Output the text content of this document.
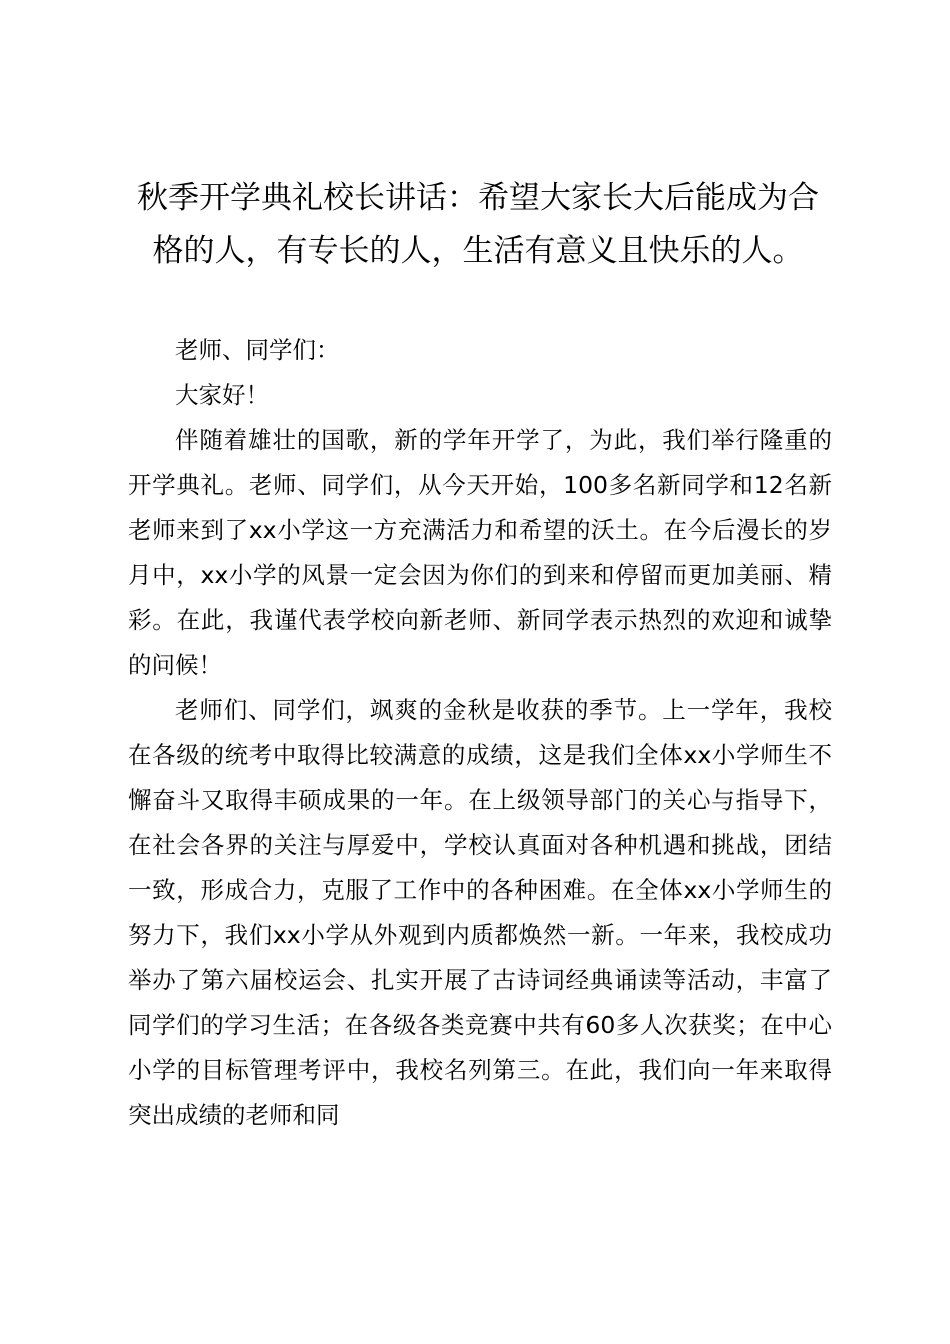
秋季开学典礼校长讲话：希望大家长大后能成为合格的人，有专长的人，生活有意义且快乐的人。

老师、同学们：

大家好！

伴随着雄壮的国歌，新的学年开学了，为此，我们举行隆重的开学典礼。老师、同学们，从今天开始，100多名新同学和12名新老师来到了xx小学这一方充满活力和希望的沃土。在今后漫长的岁月中，xx小学的风景一定会因为你们的到来和停留而更加美丽、精彩。在此，我谨代表学校向新老师、新同学表示热烈的欢迎和诚挚的问候！

老师们、同学们，飒爽的金秋是收获的季节。上一学年，我校在各级的统考中取得比较满意的成绩，这是我们全体xx小学师生不懈奋斗又取得丰硕成果的一年。在上级领导部门的关心与指导下，在社会各界的关注与厚爱中，学校认真面对各种机遇和挑战，团结一致，形成合力，克服了工作中的各种困难。在全体xx小学师生的努力下，我们xx小学从外观到内质都焕然一新。一年来，我校成功举办了第六届校运会、扎实开展了古诗词经典诵读等活动，丰富了同学们的学习生活；在各级各类竞赛中共有60多人次获奖；在中心小学的目标管理考评中，我校名列第三。在此，我们向一年来取得突出成绩的老师和同
